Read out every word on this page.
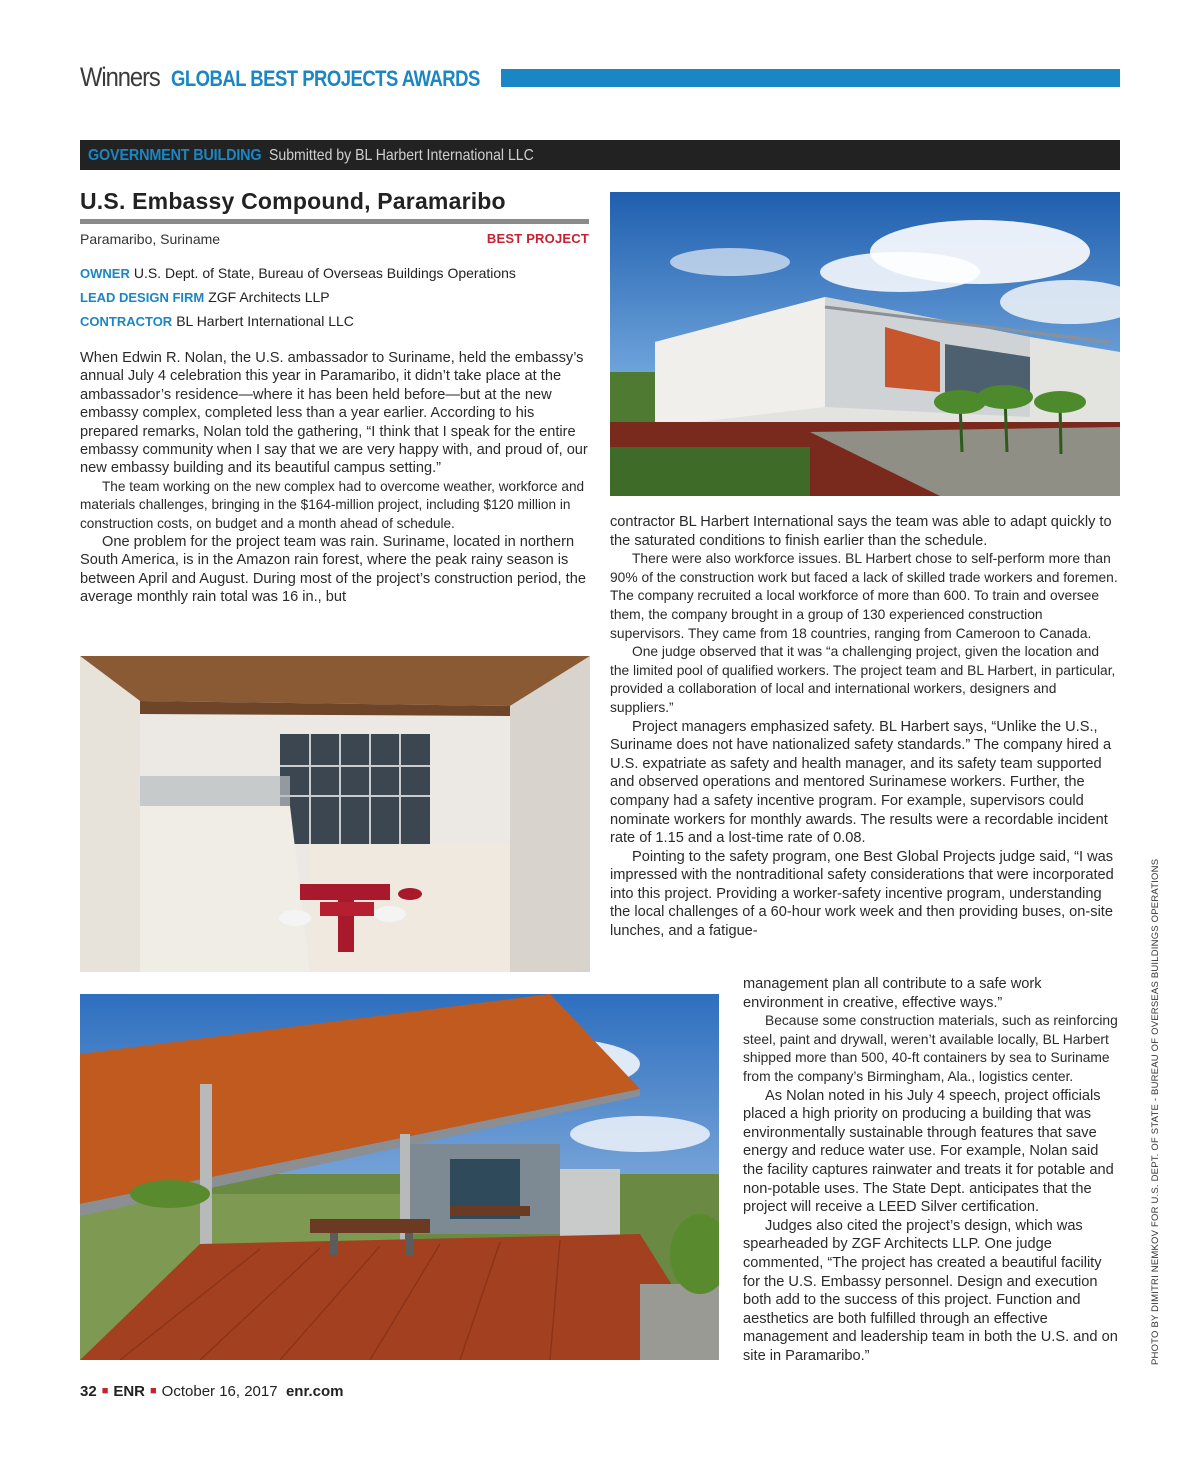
Winners GLOBAL BEST PROJECTS AWARDS
GOVERNMENT BUILDING Submitted by BL Harbert International LLC
U.S. Embassy Compound, Paramaribo
Paramaribo, Suriname	BEST PROJECT
OWNER U.S. Dept. of State, Bureau of Overseas Buildings Operations
LEAD DESIGN FIRM ZGF Architects LLP
CONTRACTOR BL Harbert International LLC

When Edwin R. Nolan, the U.S. ambassador to Suriname, held the embassy’s annual July 4 celebration this year in Paramaribo, it didn’t take place at the ambassador’s residence—where it has been held before—but at the new embassy complex, completed less than a year earlier. According to his prepared remarks, Nolan told the gathering, “I think that I speak for the entire embassy community when I say that we are very happy with, and proud of, our new embassy building and its beautiful campus setting.”

The team working on the new complex had to overcome weather, workforce and materials challenges, bringing in the $164-million project, including $120 million in construction costs, on budget and a month ahead of schedule.

One problem for the project team was rain. Suriname, located in northern South America, is in the Amazon rain forest, where the peak rainy season is between April and August. During most of the project’s construction period, the average monthly rain total was 16 in., but

contractor BL Harbert International says the team was able to adapt quickly to the saturated conditions to finish earlier than the schedule.

There were also workforce issues. BL Harbert chose to self-perform more than 90% of the construction work but faced a lack of skilled trade workers and foremen. The company recruited a local workforce of more than 600. To train and oversee them, the company brought in a group of 130 experienced construction supervisors. They came from 18 countries, ranging from Cameroon to Canada.

One judge observed that it was “a challenging project, given the location and the limited pool of qualified workers. The project team and BL Harbert, in particular, provided a collaboration of local and international workers, designers and suppliers.”

Project managers emphasized safety. BL Harbert says, “Unlike the U.S., Suriname does not have nationalized safety standards.” The company hired a U.S. expatriate as safety and health manager, and its safety team supported and observed operations and mentored Surinamese workers. Further, the company had a safety incentive program. For example, supervisors could nominate workers for monthly awards. The results were a recordable incident rate of 1.15 and a lost-time rate of 0.08.

Pointing to the safety program, one Best Global Projects judge said, “I was impressed with the nontraditional safety considerations that were incorporated into this project. Providing a worker-safety incentive program, understanding the local challenges of a 60-hour work week and then providing buses, on-site lunches, and a fatigue-

management plan all contribute to a safe work environment in creative, effective ways.”

Because some construction materials, such as reinforcing steel, paint and drywall, weren’t available locally, BL Harbert shipped more than 500, 40-ft containers by sea to Suriname from the company’s Birmingham, Ala., logistics center.

As Nolan noted in his July 4 speech, project officials placed a high priority on producing a building that was environmentally sustainable through features that save energy and reduce water use. For example, Nolan said the facility captures rainwater and treats it for potable and non-potable uses. The State Dept. anticipates that the project will receive a LEED Silver certification.

Judges also cited the project’s design, which was spearheaded by ZGF Architects LLP. One judge commented, “The project has created a beautiful facility for the U.S. Embassy personnel. Design and execution both add to the success of this project. Function and aesthetics are both fulfilled through an effective management and leadership team in both the U.S. and on site in Paramaribo.”	PHOTO BY DIMITRI NEMKOV FOR U.S. DEPT. OF STATE - BUREAU OF OVERSEAS BUILDINGS OPERATIONS
32 ■ ENR ■ October 16, 2017 enr.com
